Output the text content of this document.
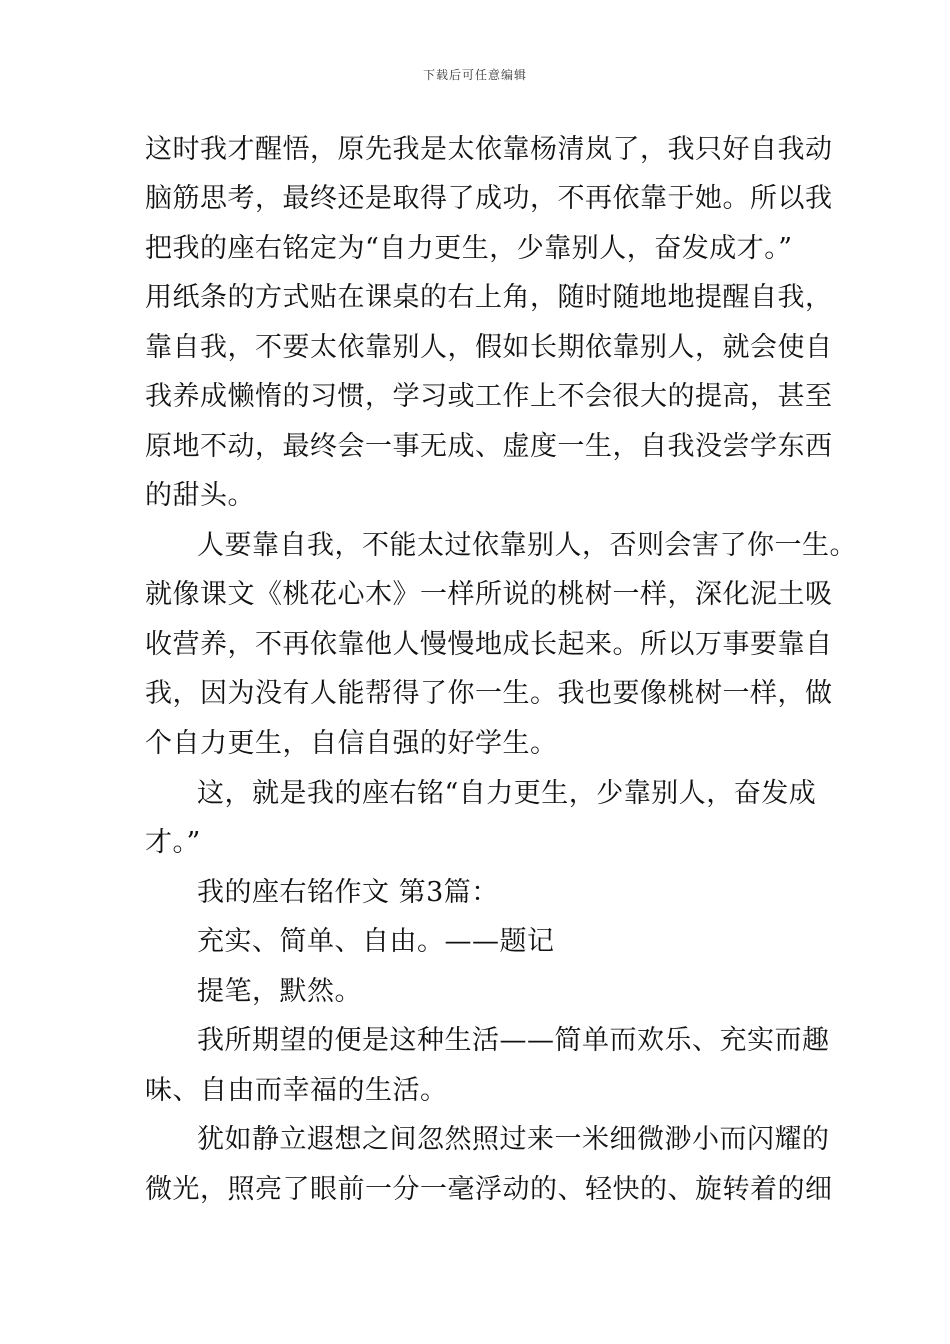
下载后可任意编辑
这时我才醒悟，原先我是太依靠杨清岚了，我只好自我动
脑筋思考，最终还是取得了成功，不再依靠于她。所以我
把我的座右铭定为“自力更生，少靠别人，奋发成才。”
用纸条的方式贴在课桌的右上角，随时随地地提醒自我，
靠自我，不要太依靠别人，假如长期依靠别人，就会使自
我养成懒惰的习惯，学习或工作上不会很大的提高，甚至
原地不动，最终会一事无成、虚度一生，自我没尝学东西
的甜头。
人要靠自我，不能太过依靠别人，否则会害了你一生。
就像课文《桃花心木》一样所说的桃树一样，深化泥土吸
收营养，不再依靠他人慢慢地成长起来。所以万事要靠自
我，因为没有人能帮得了你一生。我也要像桃树一样，做
个自力更生，自信自强的好学生。
这，就是我的座右铭“自力更生，少靠别人，奋发成
才。”
我的座右铭作文 第3篇：
充实、简单、自由。——题记
提笔，默然。
我所期望的便是这种生活——简单而欢乐、充实而趣
味、自由而幸福的生活。
犹如静立遐想之间忽然照过来一米细微渺小而闪耀的
微光，照亮了眼前一分一毫浮动的、轻快的、旋转着的细
